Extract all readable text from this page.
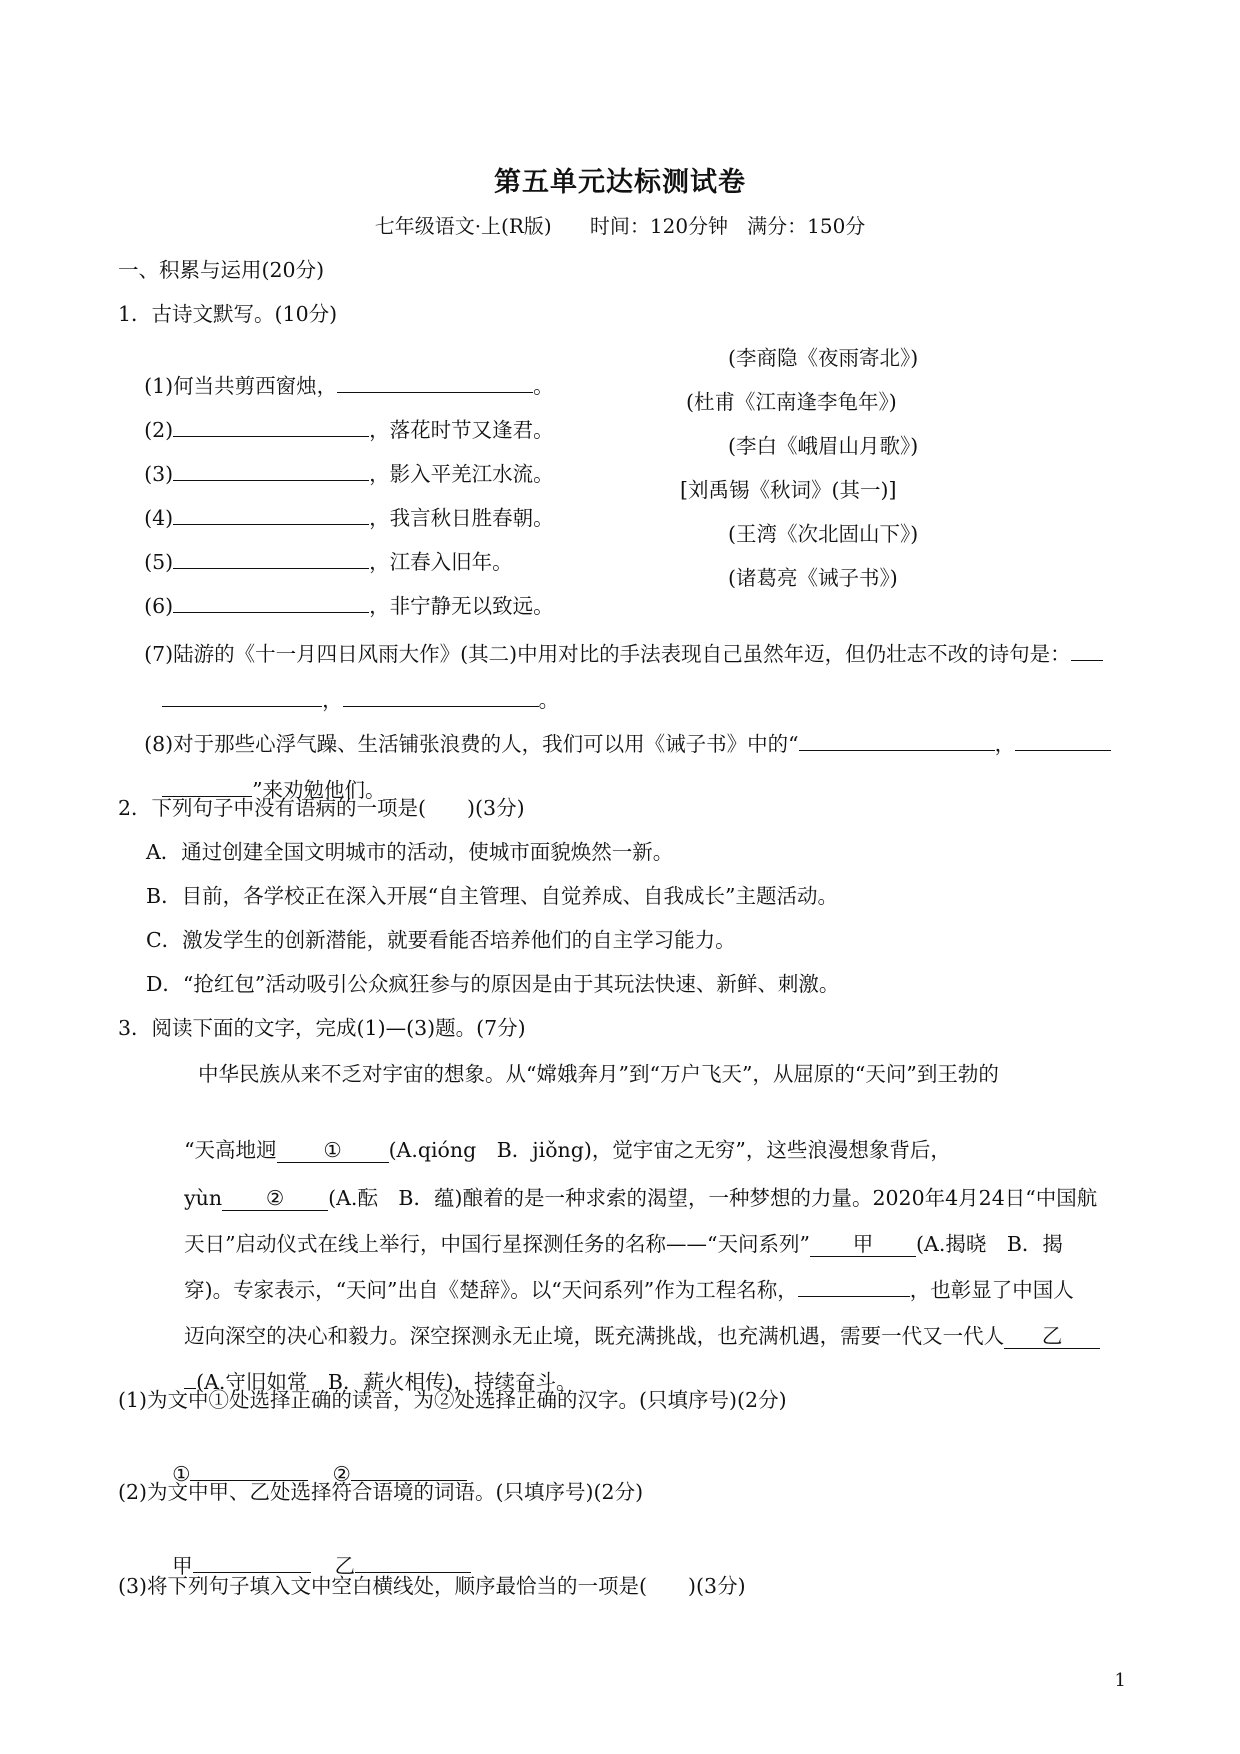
第五单元达标测试卷
七年级语文·上(R版)      时间：120分钟   满分：150分
一、积累与运用(20分)
1．古诗文默写。(10分)

(1)何当共剪西窗烛，	。

(李商隐《夜雨寄北》)

(2)	，落花时节又逢君。

(杜甫《江南逢李龟年》)

(3)	，影入平羌江水流。

(李白《峨眉山月歌》)

(4)	，我言秋日胜春朝。

[刘禹锡《秋词》(其一)]

(5)	，江春入旧年。

(王湾《次北固山下》)

(6)	，非宁静无以致远。

(诸葛亮《诫子书》)

(7)陆游的《十一月四日风雨大作》(其二)中用对比的手法表现自己虽然年迈，但仍壮志不改的诗句是：

，	。

(8)对于那些心浮气躁、生活铺张浪费的人，我们可以用《诫子书》中的“	，

”来劝勉他们。

2．下列句子中没有语病的一项是(　　)(3分)
A．通过创建全国文明城市的活动，使城市面貌焕然一新。
B．目前，各学校正在深入开展“自主管理、自觉养成、自我成长”主题活动。
C．激发学生的创新潜能，就要看能否培养他们的自主学习能力。
D．“抢红包”活动吸引公众疯狂参与的原因是由于其玩法快速、新鲜、刺激。
3．阅读下面的文字，完成(1)—(3)题。(7分)
中华民族从来不乏对宇宙的想象。从“嫦娥奔月”到“万户飞天”，从屈原的“天问”到王勃的

“天高地迥 ① (A.qióng　B．jiǒng)，觉宇宙之无穷”，这些浪漫想象背后，

yùn ② (A.酝　B．蕴)酿着的是一种求索的渴望，一种梦想的力量。2020年4月24日“中国航

天日”启动仪式在线上举行，中国行星探测任务的名称——“天问系列” 甲 (A.揭晓　B．揭

穿)。专家表示，“天问”出自《楚辞》。以“天问系列”作为工程名称，	，也彰显了中国人

迈向深空的决心和毅力。深空探测永无止境，既充满挑战，也充满机遇，需要一代又一代人 乙

(A.守旧如常　B．薪火相传)，持续奋斗。

(1)为文中①处选择正确的读音，为②处选择正确的汉字。(只填序号)(2分)

①	②

(2)为文中甲、乙处选择符合语境的词语。(只填序号)(2分)

甲	乙

(3)将下列句子填入文中空白横线处，顺序最恰当的一项是(　　)(3分)
1
